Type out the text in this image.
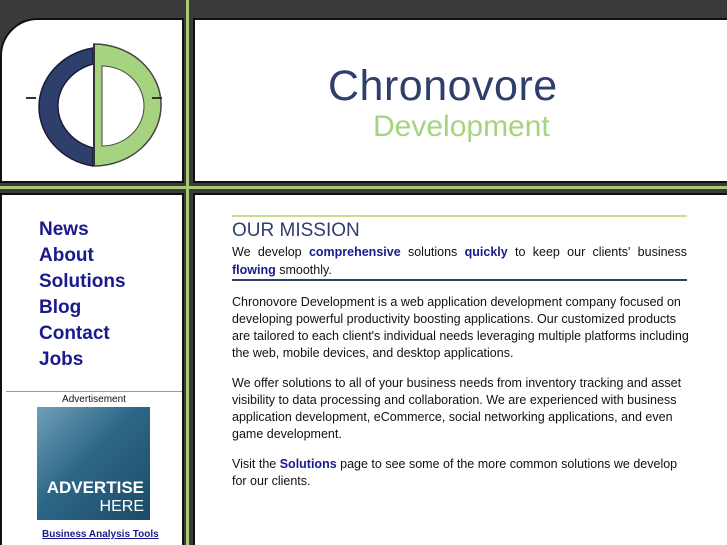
Chronovore
Development
News
About
Solutions
Blog
Contact
Jobs
Advertisement
ADVERTISE
HERE
Business Analysis Tools
OUR MISSION
We develop comprehensive solutions quickly to keep our clients' business flowing smoothly.
Chronovore Development is a web application development company focused on developing powerful productivity boosting applications. Our customized products are tailored to each client's individual needs leveraging multiple platforms including the web, mobile devices, and desktop applications.
We offer solutions to all of your business needs from inventory tracking and asset visibility to data processing and collaboration. We are experienced with business application development, eCommerce, social networking applications, and even game development.
Visit the Solutions page to see some of the more common solutions we develop for our clients.
